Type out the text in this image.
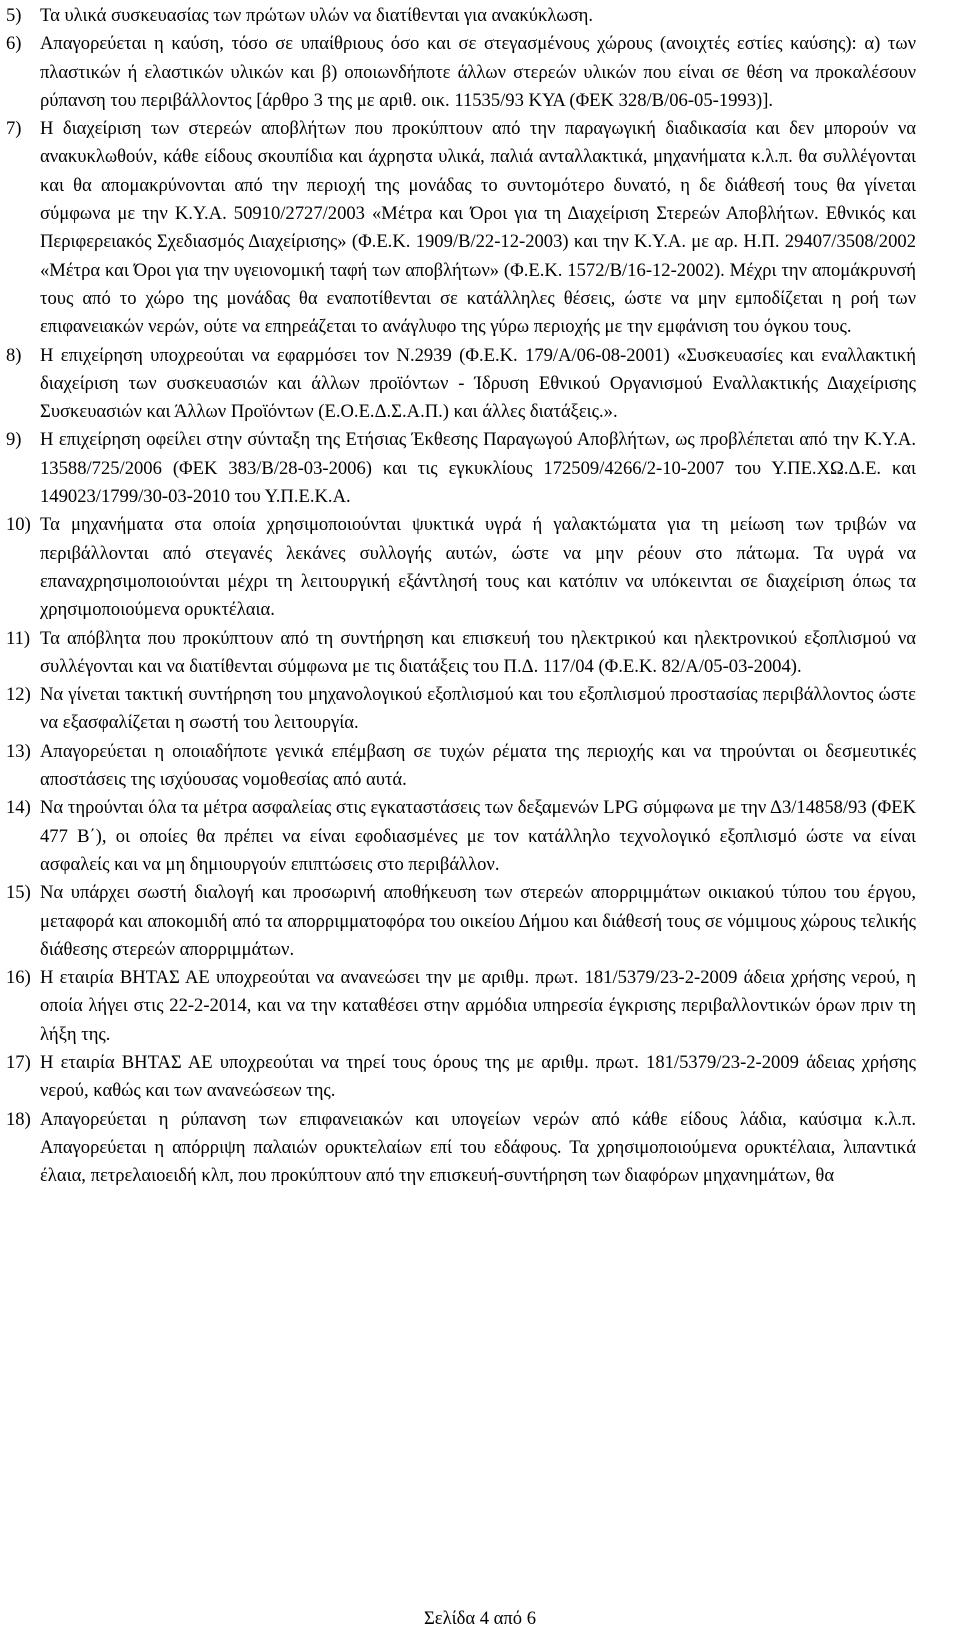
5) Τα υλικά συσκευασίας των πρώτων υλών να διατίθενται για ανακύκλωση.
6) Απαγορεύεται η καύση, τόσο σε υπαίθριους όσο και σε στεγασμένους χώρους (ανοιχτές εστίες καύσης): α) των πλαστικών ή ελαστικών υλικών και β) οποιωνδήποτε άλλων στερεών υλικών που είναι σε θέση να προκαλέσουν ρύπανση του περιβάλλοντος [άρθρο 3 της με αριθ. οικ. 11535/93 ΚΥΑ (ΦΕΚ 328/Β/06-05-1993)].
7) Η διαχείριση των στερεών αποβλήτων που προκύπτουν από την παραγωγική διαδικασία και δεν μπορούν να ανακυκλωθούν, κάθε είδους σκουπίδια και άχρηστα υλικά, παλιά ανταλλακτικά, μηχανήματα κ.λ.π. θα συλλέγονται και θα απομακρύνονται από την περιοχή της μονάδας το συντομότερο δυνατό, η δε διάθεσή τους θα γίνεται σύμφωνα με την Κ.Υ.Α. 50910/2727/2003 «Μέτρα και Όροι για τη Διαχείριση Στερεών Αποβλήτων. Εθνικός και Περιφερειακός Σχεδιασμός Διαχείρισης» (Φ.Ε.Κ. 1909/Β/22-12-2003) και την Κ.Υ.Α. με αρ. Η.Π. 29407/3508/2002 «Μέτρα και Όροι για την υγειονομική ταφή των αποβλήτων» (Φ.Ε.Κ. 1572/Β/16-12-2002). Μέχρι την απομάκρυνσή τους από το χώρο της μονάδας θα εναποτίθενται σε κατάλληλες θέσεις, ώστε να μην εμποδίζεται η ροή των επιφανειακών νερών, ούτε να επηρεάζεται το ανάγλυφο της γύρω περιοχής με την εμφάνιση του όγκου τους.
8) Η επιχείρηση υποχρεούται να εφαρμόσει τον Ν.2939 (Φ.Ε.Κ. 179/Α/06-08-2001) «Συσκευασίες και εναλλακτική διαχείριση των συσκευασιών και άλλων προϊόντων - Ίδρυση Εθνικού Οργανισμού Εναλλακτικής Διαχείρισης Συσκευασιών και Άλλων Προϊόντων (Ε.Ο.Ε.Δ.Σ.Α.Π.) και άλλες διατάξεις.».
9) Η επιχείρηση οφείλει στην σύνταξη της Ετήσιας Έκθεσης Παραγωγού Αποβλήτων, ως προβλέπεται από την Κ.Υ.Α. 13588/725/2006 (ΦΕΚ 383/Β/28-03-2006) και τις εγκυκλίους 172509/4266/2-10-2007 του Υ.ΠΕ.ΧΩ.Δ.Ε. και 149023/1799/30-03-2010 του Υ.Π.Ε.Κ.Α.
10) Τα μηχανήματα στα οποία χρησιμοποιούνται ψυκτικά υγρά ή γαλακτώματα για τη μείωση των τριβών να περιβάλλονται από στεγανές λεκάνες συλλογής αυτών, ώστε να μην ρέουν στο πάτωμα. Τα υγρά να επαναχρησιμοποιούνται μέχρι τη λειτουργική εξάντλησή τους και κατόπιν να υπόκεινται σε διαχείριση όπως τα χρησιμοποιούμενα ορυκτέλαια.
11) Τα απόβλητα που προκύπτουν από τη συντήρηση και επισκευή του ηλεκτρικού και ηλεκτρονικού εξοπλισμού να συλλέγονται και να διατίθενται σύμφωνα με τις διατάξεις του Π.Δ. 117/04 (Φ.Ε.Κ. 82/Α/05-03-2004).
12) Να γίνεται τακτική συντήρηση του μηχανολογικού εξοπλισμού και του εξοπλισμού προστασίας περιβάλλοντος ώστε να εξασφαλίζεται η σωστή του λειτουργία.
13) Απαγορεύεται η οποιαδήποτε γενικά επέμβαση σε τυχών ρέματα της περιοχής και να τηρούνται οι δεσμευτικές αποστάσεις της ισχύουσας νομοθεσίας από αυτά.
14) Να τηρούνται όλα τα μέτρα ασφαλείας στις εγκαταστάσεις των δεξαμενών LPG σύμφωνα με την Δ3/14858/93 (ΦΕΚ 477 Β΄), οι οποίες θα πρέπει να είναι εφοδιασμένες με τον κατάλληλο τεχνολογικό εξοπλισμό ώστε να είναι ασφαλείς και να μη δημιουργούν επιπτώσεις στο περιβάλλον.
15) Να υπάρχει σωστή διαλογή και προσωρινή αποθήκευση των στερεών απορριμμάτων οικιακού τύπου του έργου, μεταφορά και αποκομιδή από τα απορριμματοφόρα του οικείου Δήμου και διάθεσή τους σε νόμιμους χώρους τελικής διάθεσης στερεών απορριμμάτων.
16) Η εταιρία ΒΗΤΑΣ ΑΕ υποχρεούται να ανανεώσει την με αριθμ. πρωτ. 181/5379/23-2-2009 άδεια χρήσης νερού, η οποία λήγει στις 22-2-2014, και να την καταθέσει στην αρμόδια υπηρεσία έγκρισης περιβαλλοντικών όρων πριν τη λήξη της.
17) Η εταιρία ΒΗΤΑΣ ΑΕ υποχρεούται να τηρεί τους όρους της με αριθμ. πρωτ. 181/5379/23-2-2009 άδειας χρήσης νερού, καθώς και των ανανεώσεων της.
18) Απαγορεύεται η ρύπανση των επιφανειακών και υπογείων νερών από κάθε είδους λάδια, καύσιμα κ.λ.π. Απαγορεύεται η απόρριψη παλαιών ορυκτελαίων επί του εδάφους. Τα χρησιμοποιούμενα ορυκτέλαια, λιπαντικά έλαια, πετρελαιοειδή κλπ, που προκύπτουν από την επισκευή-συντήρηση των διαφόρων μηχανημάτων, θα
Σελίδα 4 από 6
